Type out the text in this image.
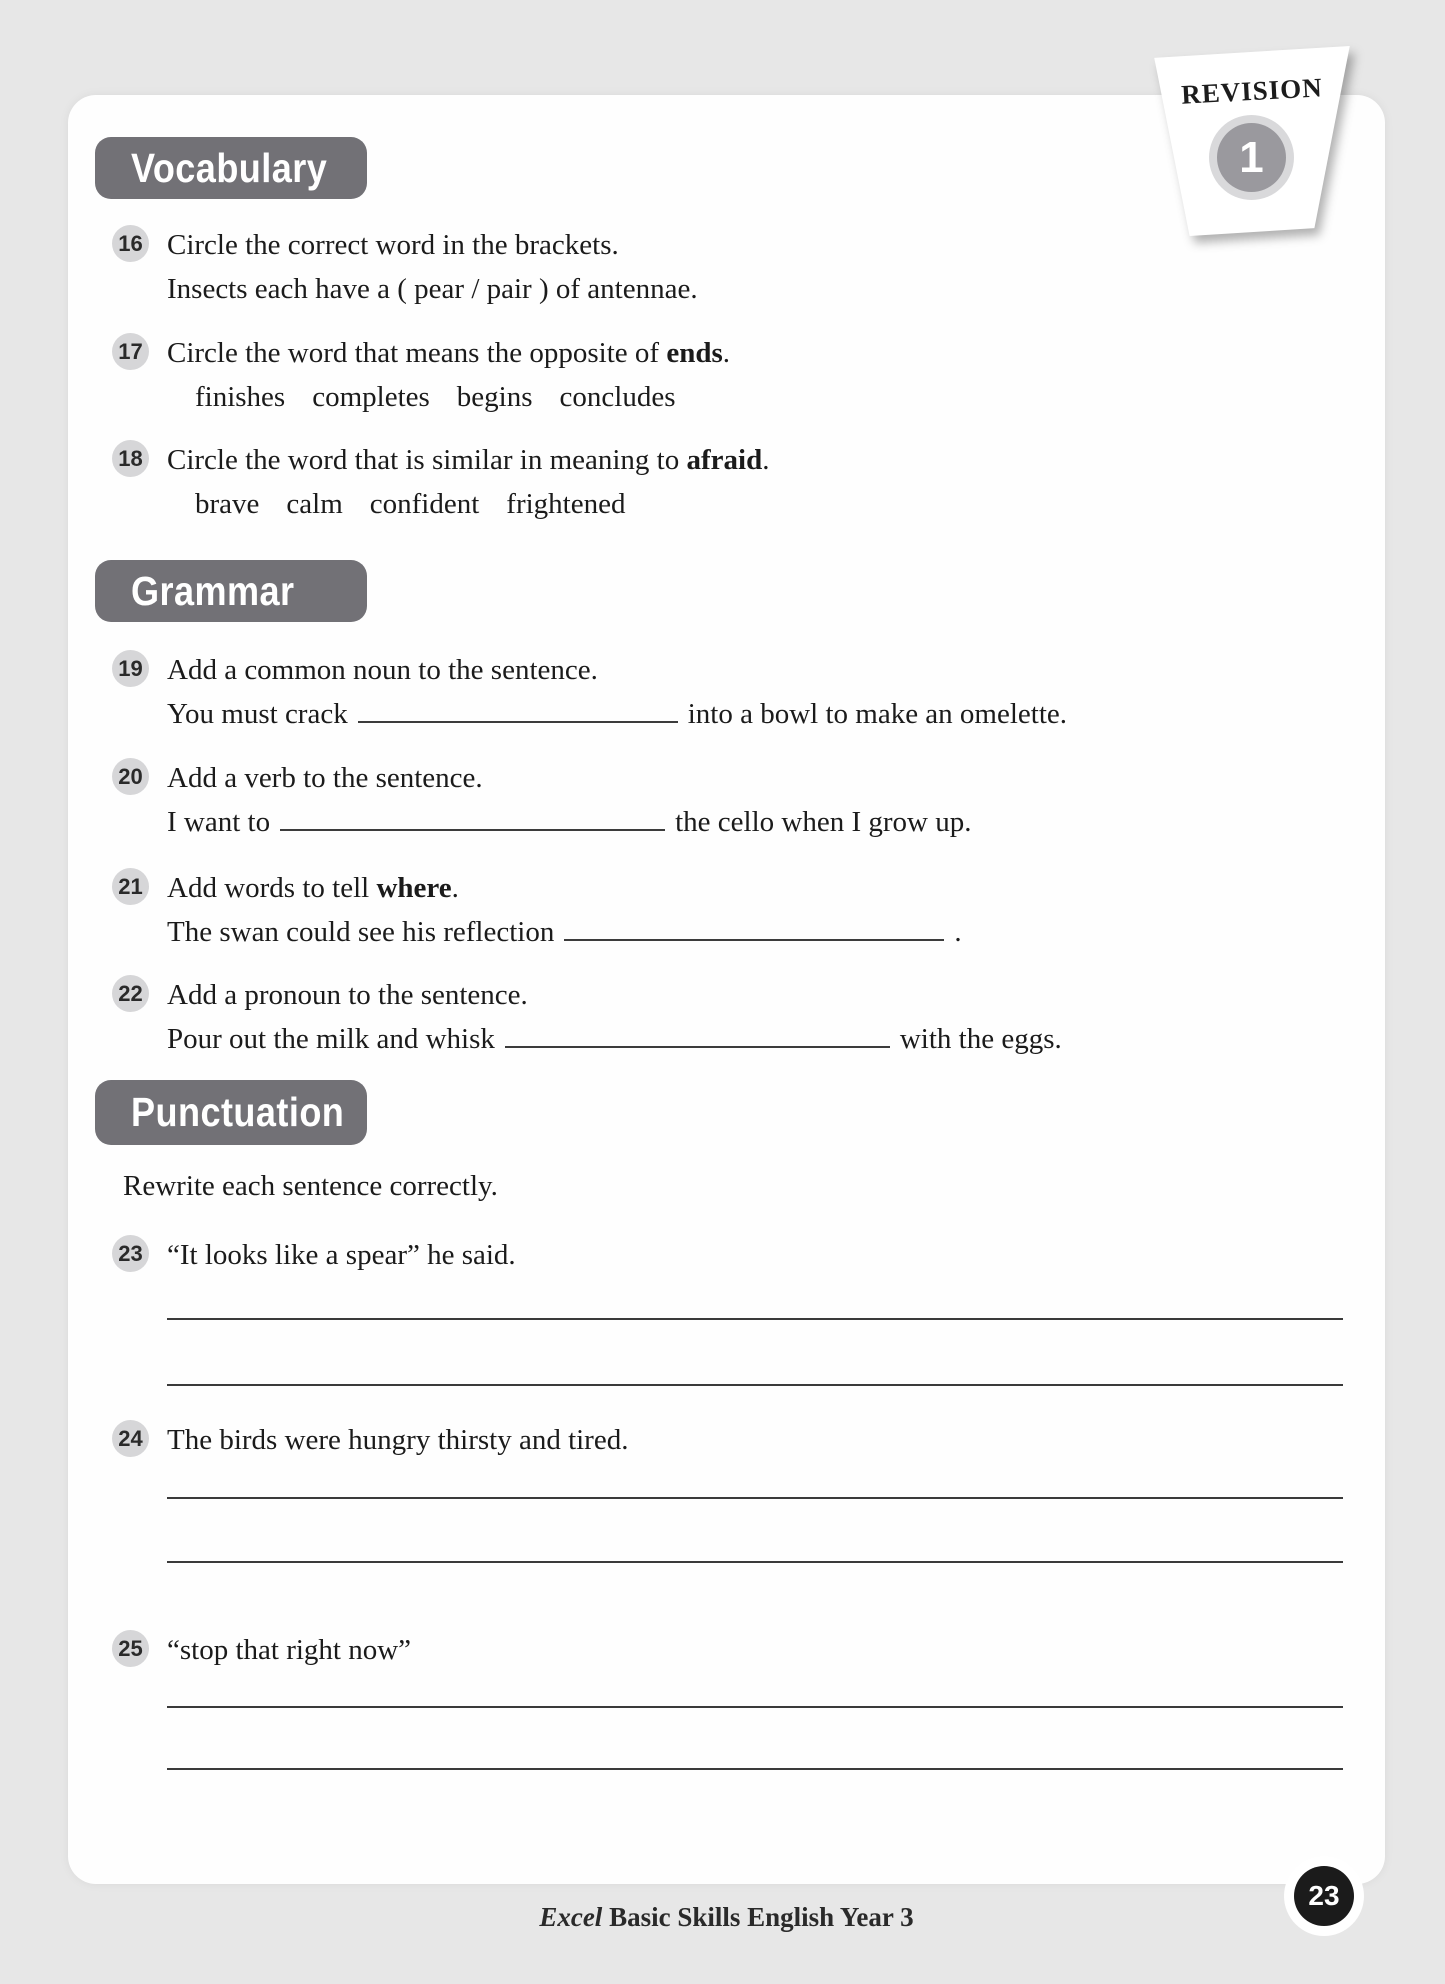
REVISION
1
Vocabulary
16 Circle the correct word in the brackets.
Insects each have a ( pear / pair ) of antennae.
17 Circle the word that means the opposite of ends.
finishes completes begins concludes
18 Circle the word that is similar in meaning to afraid.
brave calm confident frightened
Grammar
19 Add a common noun to the sentence.
You must crack	into a bowl to make an omelette.
20 Add a verb to the sentence.
I want to	the cello when I grow up.
21 Add words to tell where.
The swan could see his reflection	.
22 Add a pronoun to the sentence.
Pour out the milk and whisk	with the eggs.
Punctuation
Rewrite each sentence correctly.
23 “It looks like a spear” he said.
24 The birds were hungry thirsty and tired.
25 “stop that right now”
Excel Basic Skills English Year 3
23
